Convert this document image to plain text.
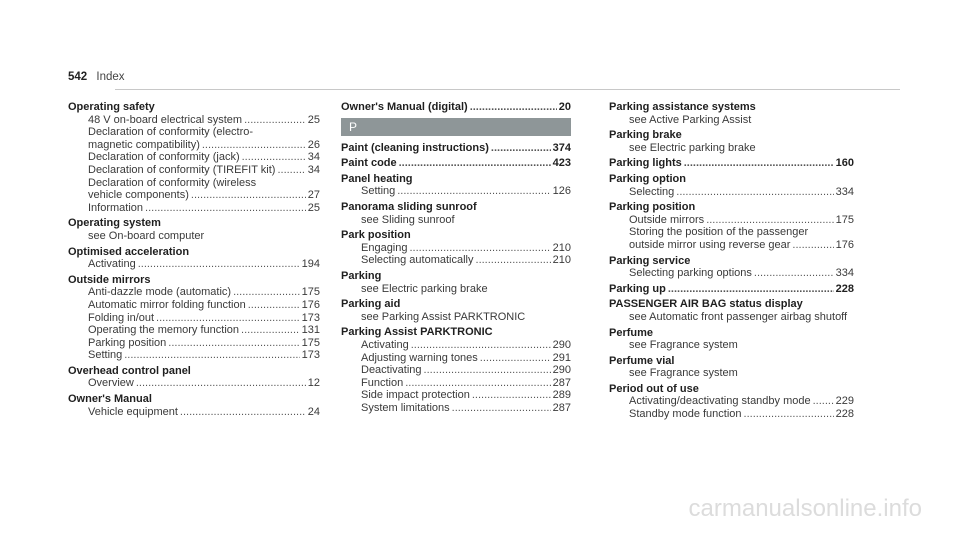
542 Index
Operating safety
48 V on-board electrical system .....	25
Declaration of conformity (electro-
magnetic compatibility) .....	26
Declaration of conformity (jack) .....	34
Declaration of conformity (TIREFIT kit) .....	34
Declaration of conformity (wireless
vehicle components) .....	27
Information .....	25
Operating system
see On-board computer
Optimised acceleration
Activating .....	194
Outside mirrors
Anti-dazzle mode (automatic) .....	175
Automatic mirror folding function .....	176
Folding in/out .....	173
Operating the memory function .....	131
Parking position .....	175
Setting .....	173
Overhead control panel
Overview .....	12
Owner's Manual
Vehicle equipment .....	24
Owner's Manual (digital) .....	20
P
Paint (cleaning instructions) .....	374
Paint code .....	423
Panel heating
Setting .....	126
Panorama sliding sunroof
see Sliding sunroof
Park position
Engaging .....	210
Selecting automatically .....	210
Parking
see Electric parking brake
Parking aid
see Parking Assist PARKTRONIC
Parking Assist PARKTRONIC
Activating .....	290
Adjusting warning tones .....	291
Deactivating .....	290
Function .....	287
Side impact protection .....	289
System limitations .....	287
Parking assistance systems
see Active Parking Assist
Parking brake
see Electric parking brake
Parking lights .....	160
Parking option
Selecting .....	334
Parking position
Outside mirrors .....	175
Storing the position of the passenger
outside mirror using reverse gear .....	176
Parking service
Selecting parking options .....	334
Parking up .....	228
PASSENGER AIR BAG status display
see Automatic front passenger airbag shutoff
Perfume
see Fragrance system
Perfume vial
see Fragrance system
Period out of use
Activating/deactivating standby mode ..... 229
Standby mode function .....	228
carmanualsonline.info
